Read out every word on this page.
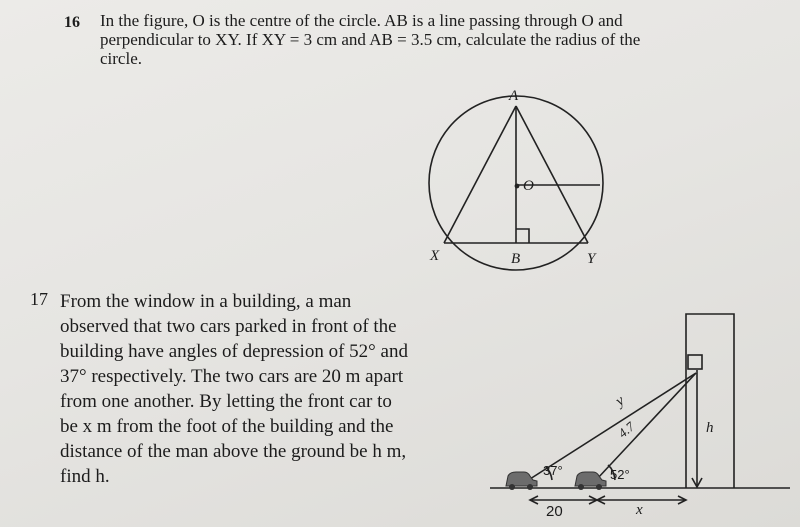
16 In the figure, O is the centre of the circle. AB is a line passing through O and
perpendicular to XY. If XY = 3 cm and AB = 3.5 cm, calculate the radius of the
circle.
17 From the window in a building, a man
observed that two cars parked in front of the
building have angles of depression of 52° and
37° respectively. The two cars are 20 m apart
from one another. By letting the front car to
be x m from the foot of the building and the
distance of the man above the ground be h m,
find h.
A
O
X	B	Y
37°	52°
20	x
h
y
4.7
